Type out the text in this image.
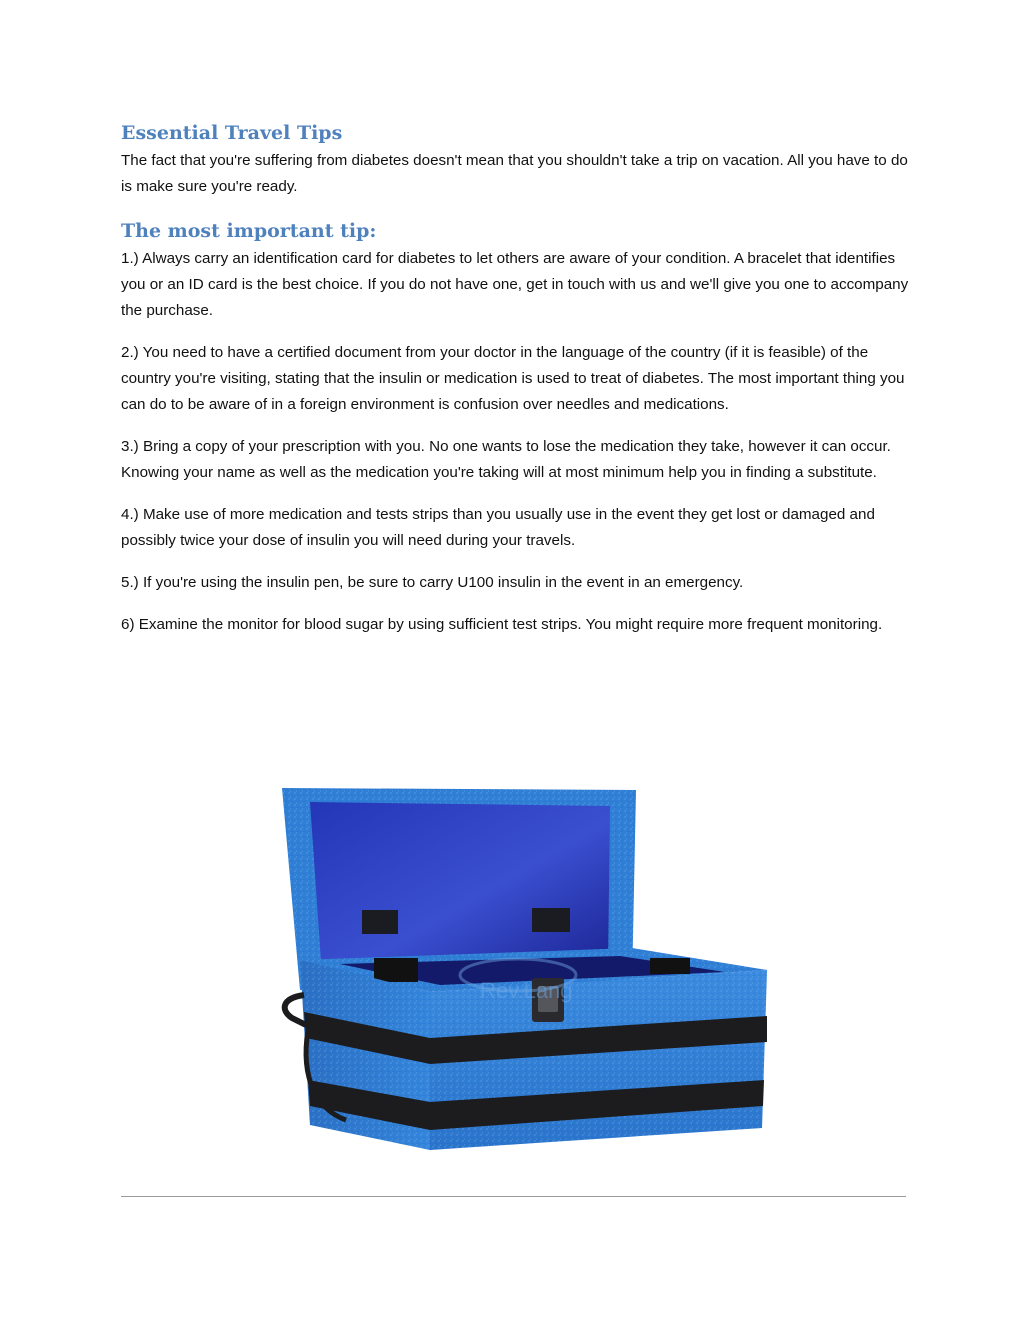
Essential Travel Tips

The fact that you're suffering from diabetes doesn't mean that you shouldn't take a trip on vacation. All you have to do is make sure you're ready.

The most important tip:

1.) Always carry an identification card for diabetes to let others are aware of your condition. A bracelet that identifies you or an ID card is the best choice. If you do not have one, get in touch with us and we'll give you one to accompany the purchase.

2.) You need to have a certified document from your doctor in the language of the country (if it is feasible) of the country you're visiting, stating that the insulin or medication is used to treat of diabetes. The most important thing you can do to be aware of in a foreign environment is confusion over needles and medications.

3.) Bring a copy of your prescription with you. No one wants to lose the medication they take, however it can occur. Knowing your name as well as the medication you're taking will at most minimum help you in finding a substitute.

4.) Make use of more medication and tests strips than you usually use in the event they get lost or damaged and possibly twice your dose of insulin you will need during your travels.

5.) If you're using the insulin pen, be sure to carry U100 insulin in the event in an emergency.

6) Examine the monitor for blood sugar by using sufficient test strips. You might require more frequent monitoring.

Rev.Lang
